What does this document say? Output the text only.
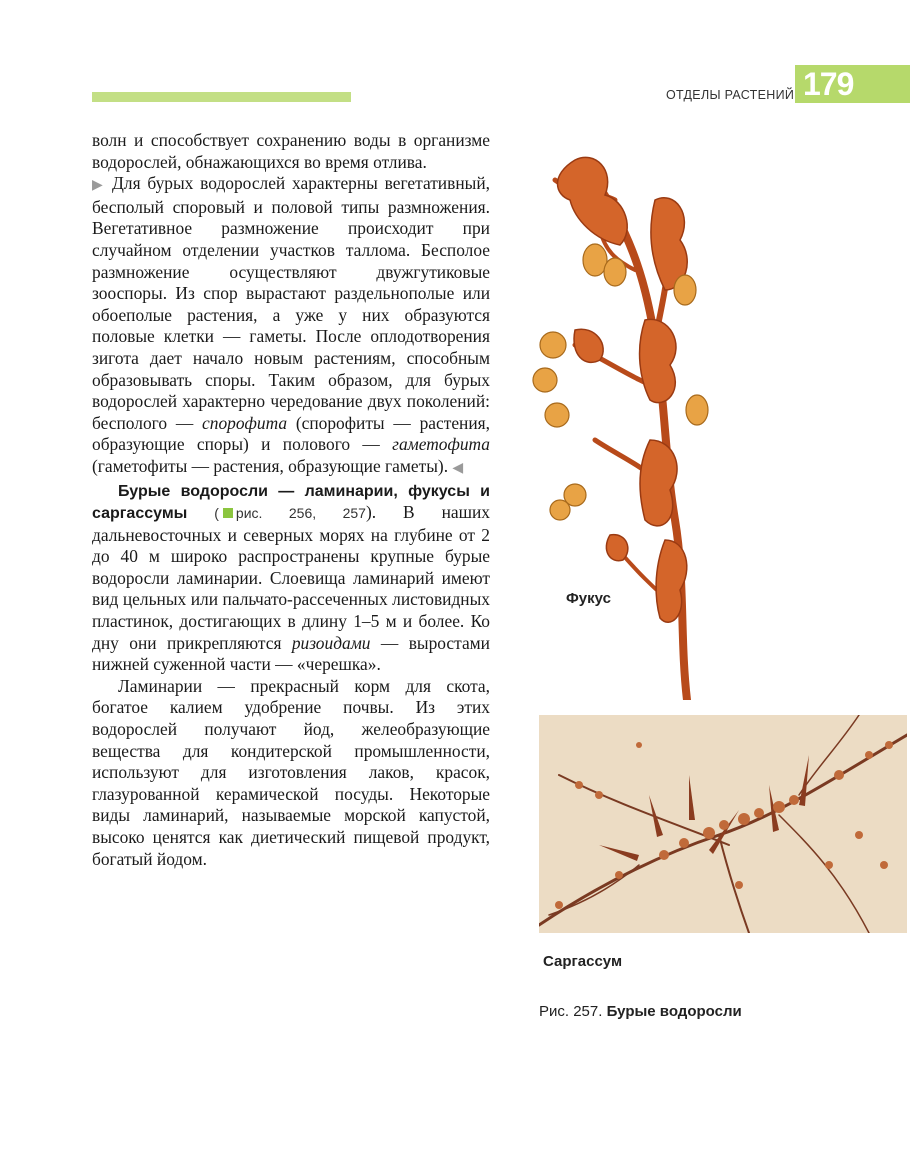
ОТДЕЛЫ РАСТЕНИЙ 179

волн и способствует сохранению воды в организме водорослей, обнажающихся во время отлива.

▶ Для бурых водорослей характерны вегетативный, бесполый споровый и половой типы размножения. Вегетативное размножение происходит при случайном отделении участков таллома. Бесполое размножение осуществляют двужгутиковые зооспоры. Из спор вырастают раздельнополые или обоеполые растения, а уже у них образуются половые клетки — гаметы. После оплодотворения зигота дает начало новым растениям, способным образовывать споры. Таким образом, для бурых водорослей характерно чередование двух поколений: бесполого — спорофита (спорофиты — растения, образующие споры) и полового — гаметофита (гаметофиты — растения, образующие гаметы). ◀

Бурые водоросли — ламинарии, фукусы и саргассумы ( рис. 256, 257). В наших дальневосточных и северных морях на глубине от 2 до 40 м широко распространены крупные бурые водоросли ламинарии. Слоевища ламинарий имеют вид цельных или пальчато-рассеченных листовидных пластинок, достигающих в длину 1–5 м и более. Ко дну они прикрепляются ризоидами — выростами нижней суженной части — «черешка».

Ламинарии — прекрасный корм для скота, богатое калием удобрение почвы. Из этих водорослей получают йод, желеобразующие вещества для кондитерской промышленности, используют для изготовления лаков, красок, глазурованной керамической посуды. Некоторые виды ламинарий, называемые морской капустой, высоко ценятся как диетический пищевой продукт, богатый йодом.

Фукус
Саргассум
Рис. 257. Бурые водоросли
